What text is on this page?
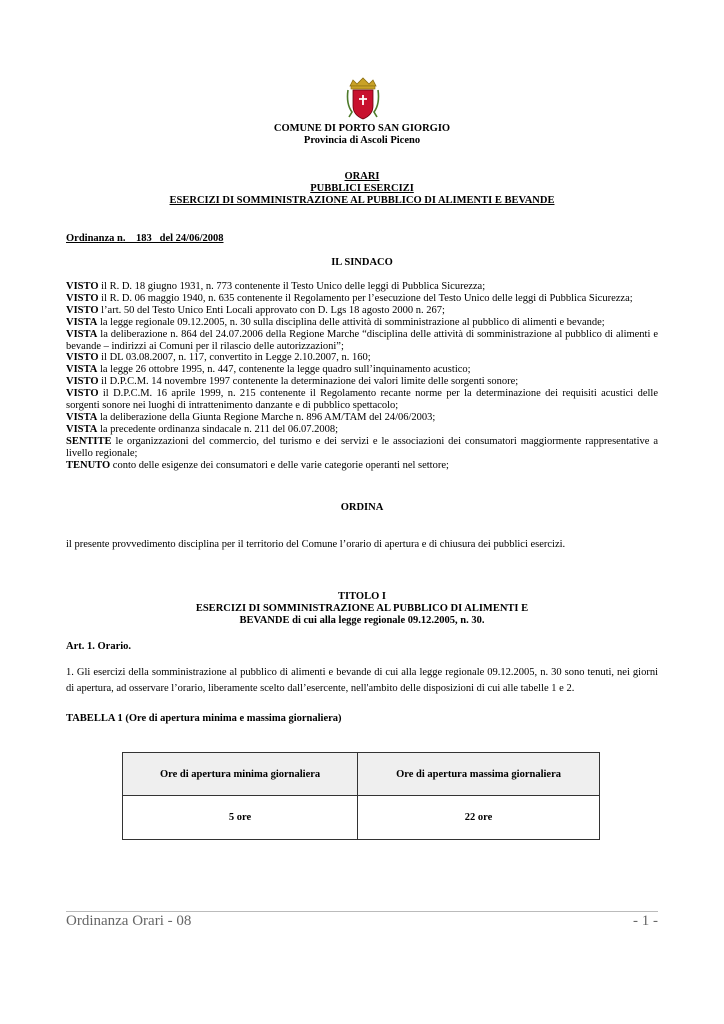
COMUNE DI PORTO SAN GIORGIO
Provincia di Ascoli Piceno
ORARI
PUBBLICI ESERCIZI
ESERCIZI DI SOMMINISTRAZIONE AL PUBBLICO DI ALIMENTI E BEVANDE
Ordinanza n.    183   del 24/06/2008
IL SINDACO
VISTO il R. D. 18 giugno 1931, n. 773 contenente il Testo Unico delle leggi di Pubblica Sicurezza;
VISTO il R. D. 06 maggio 1940, n. 635 contenente il Regolamento per l’esecuzione del Testo Unico delle leggi di Pubblica Sicurezza;
VISTO l’art. 50 del Testo Unico Enti Locali approvato con D. Lgs 18 agosto 2000 n. 267;
VISTA la legge regionale 09.12.2005, n. 30 sulla disciplina delle attività di somministrazione al pubblico di alimenti e bevande;
VISTA la deliberazione n. 864 del 24.07.2006 della Regione Marche “disciplina delle attività di somministrazione al pubblico di alimenti e bevande – indirizzi ai Comuni per il rilascio delle autorizzazioni”;
VISTO il DL 03.08.2007, n. 117, convertito in Legge 2.10.2007, n. 160;
VISTA la legge 26 ottobre 1995, n. 447, contenente la legge quadro sull’inquinamento acustico;
VISTO il D.P.C.M. 14 novembre 1997 contenente la determinazione dei valori limite delle sorgenti sonore;
VISTO il D.P.C.M. 16 aprile 1999, n. 215 contenente il Regolamento recante norme per la determinazione dei requisiti acustici delle sorgenti sonore nei luoghi di intrattenimento danzante e di pubblico spettacolo;
VISTA la deliberazione della Giunta Regione Marche n. 896 AM/TAM del 24/06/2003;
VISTA la precedente ordinanza sindacale n. 211 del 06.07.2008;
SENTITE le organizzazioni del commercio, del turismo e dei servizi e le associazioni dei consumatori maggiormente rappresentative a livello regionale;
TENUTO conto delle esigenze dei consumatori e delle varie categorie operanti nel settore;
ORDINA
il presente provvedimento disciplina per il territorio del Comune l’orario di apertura e di chiusura dei pubblici esercizi.
TITOLO I
ESERCIZI DI SOMMINISTRAZIONE AL PUBBLICO DI ALIMENTI E
BEVANDE di cui alla legge regionale 09.12.2005, n. 30.
Art. 1. Orario.
1. Gli esercizi della somministrazione al pubblico di alimenti e bevande di cui alla legge regionale 09.12.2005, n. 30 sono tenuti, nei giorni di apertura, ad osservare l’orario, liberamente scelto dall’esercente, nell'ambito delle disposizioni di cui alle tabelle 1 e 2.
TABELLA 1 (Ore di apertura minima e massima giornaliera)
Ore di apertura minima giornaliera	Ore di apertura massima giornaliera
5 ore	22 ore
Ordinanza Orari - 08	- 1 -
